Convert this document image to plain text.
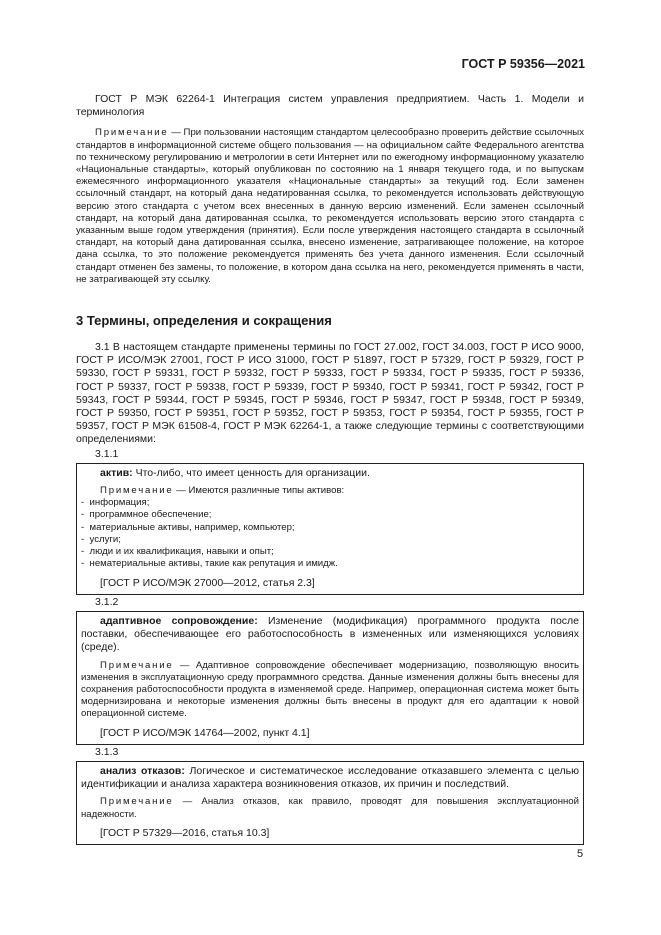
ГОСТ Р 59356—2021

ГОСТ Р МЭК 62264-1 Интеграция систем управления предприятием. Часть 1. Модели и терминология

Примечание — При пользовании настоящим стандартом целесообразно проверить действие ссылочных стандартов в информационной системе общего пользования — на официальном сайте Федерального агентства по техническому регулированию и метрологии в сети Интернет или по ежегодному информационному указателю «Национальные стандарты», который опубликован по состоянию на 1 января текущего года, и по выпускам ежемесячного информационного указателя «Национальные стандарты» за текущий год. Если заменен ссылочный стандарт, на который дана недатированная ссылка, то рекомендуется использовать действующую версию этого стандарта с учетом всех внесенных в данную версию изменений. Если заменен ссылочный стандарт, на который дана датированная ссылка, то рекомендуется использовать версию этого стандарта с указанным выше годом утверждения (принятия). Если после утверждения настоящего стандарта в ссылочный стандарт, на который дана датированная ссылка, внесено изменение, затрагивающее положение, на которое дана ссылка, то это положение рекомендуется применять без учета данного изменения. Если ссылочный стандарт отменен без замены, то положение, в котором дана ссылка на него, рекомендуется применять в части, не затрагивающей эту ссылку.

3 Термины, определения и сокращения

3.1 В настоящем стандарте применены термины по ГОСТ 27.002, ГОСТ 34.003, ГОСТ Р ИСО 9000, ГОСТ Р ИСО/МЭК 27001, ГОСТ Р ИСО 31000, ГОСТ Р 51897, ГОСТ Р 57329, ГОСТ Р 59329, ГОСТ Р 59330, ГОСТ Р 59331, ГОСТ Р 59332, ГОСТ Р 59333, ГОСТ Р 59334, ГОСТ Р 59335, ГОСТ Р 59336, ГОСТ Р 59337, ГОСТ Р 59338, ГОСТ Р 59339, ГОСТ Р 59340, ГОСТ Р 59341, ГОСТ Р 59342, ГОСТ Р 59343, ГОСТ Р 59344, ГОСТ Р 59345, ГОСТ Р 59346, ГОСТ Р 59347, ГОСТ Р 59348, ГОСТ Р 59349, ГОСТ Р 59350, ГОСТ Р 59351, ГОСТ Р 59352, ГОСТ Р 59353, ГОСТ Р 59354, ГОСТ Р 59355, ГОСТ Р 59357, ГОСТ Р МЭК 61508-4, ГОСТ Р МЭК 62264-1, а также следующие термины с соответствующими определениями:

3.1.1

актив: Что-либо, что имеет ценность для организации.

Примечание — Имеются различные типы активов:

-  информация;
-  программное обеспечение;
-  материальные активы, например, компьютер;
-  услуги;
-  люди и их квалификация, навыки и опыт;
-  нематериальные активы, такие как репутация и имидж.

[ГОСТ Р ИСО/МЭК 27000—2012, статья 2.3]

3.1.2

адаптивное сопровождение: Изменение (модификация) программного продукта после поставки, обеспечивающее его работоспособность в измененных или изменяющихся условиях (среде).

Примечание — Адаптивное сопровождение обеспечивает модернизацию, позволяющую вносить изменения в эксплуатационную среду программного средства. Данные изменения должны быть внесены для сохранения работоспособности продукта в изменяемой среде. Например, операционная система может быть модернизирована и некоторые изменения должны быть внесены в продукт для его адаптации к новой операционной системе.

[ГОСТ Р ИСО/МЭК 14764—2002, пункт 4.1]

3.1.3

анализ отказов: Логическое и систематическое исследование отказавшего элемента с целью идентификации и анализа характера возникновения отказов, их причин и последствий.

Примечание — Анализ отказов, как правило, проводят для повышения эксплуатационной надежности.

[ГОСТ Р 57329—2016, статья 10.3]

5
